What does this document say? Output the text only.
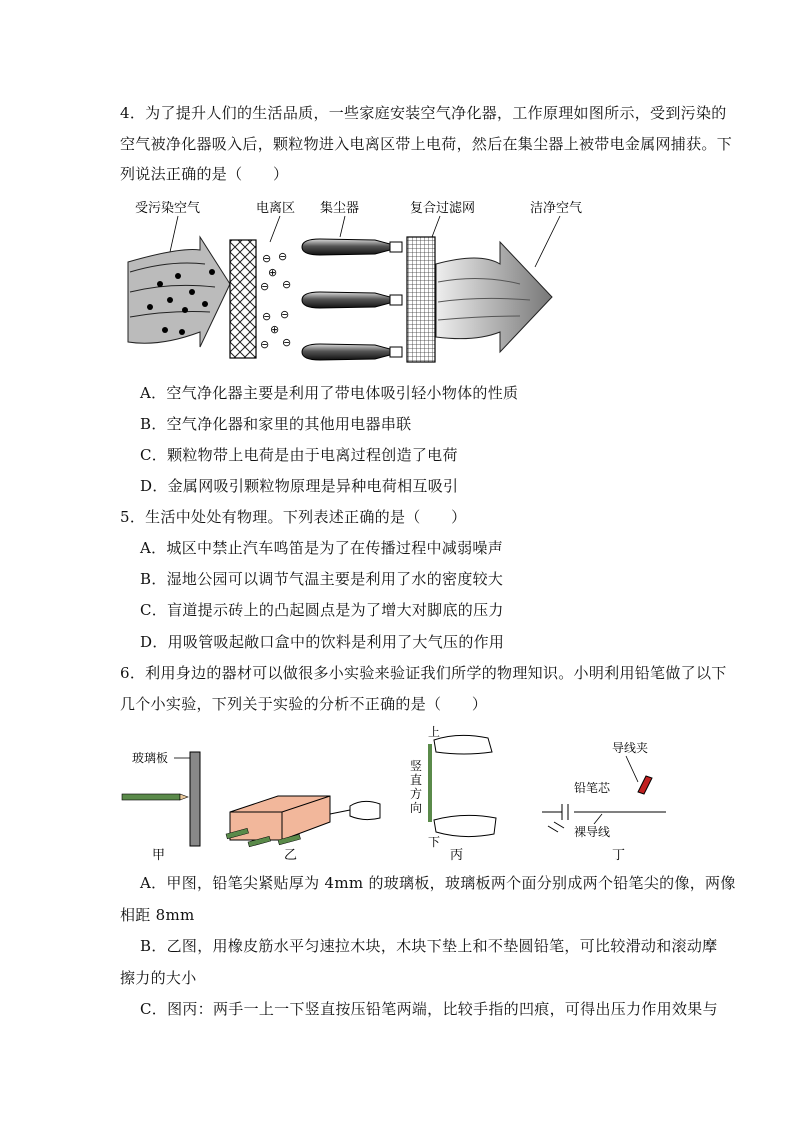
4．为了提升人们的生活品质，一些家庭安装空气净化器，工作原理如图所示，受到污染的
空气被净化器吸入后，颗粒物进入电离区带上电荷，然后在集尘器上被带电金属网捕获。下
列说法正确的是（　　）
受污染空气	电离区 集尘器	复合过滤网	洁净空气
⊖ ⊖
⊕
⊖ ⊖
⊖ ⊖
⊕
⊖ ⊖
A．空气净化器主要是利用了带电体吸引轻小物体的性质
B．空气净化器和家里的其他用电器串联
C．颗粒物带上电荷是由于电离过程创造了电荷
D．金属网吸引颗粒物原理是异种电荷相互吸引
5．生活中处处有物理。下列表述正确的是（　　）
A．城区中禁止汽车鸣笛是为了在传播过程中减弱噪声
B．湿地公园可以调节气温主要是利用了水的密度较大
C．盲道提示砖上的凸起圆点是为了增大对脚底的压力
D．用吸管吸起敞口盒中的饮料是利用了大气压的作用
6．利用身边的器材可以做很多小实验来验证我们所学的物理知识。小明利用铅笔做了以下
几个小实验，下列关于实验的分析不正确的是（　　）
玻璃板
甲	乙
上
竖
直
方
向
下
丙
导线夹
铅笔芯
裸导线
丁
A．甲图，铅笔尖紧贴厚为 4mm 的玻璃板，玻璃板两个面分别成两个铅笔尖的像，两像
相距 8mm
B．乙图，用橡皮筋水平匀速拉木块，木块下垫上和不垫圆铅笔，可比较滑动和滚动摩
擦力的大小
C．图丙：两手一上一下竖直按压铅笔两端，比较手指的凹痕，可得出压力作用效果与
